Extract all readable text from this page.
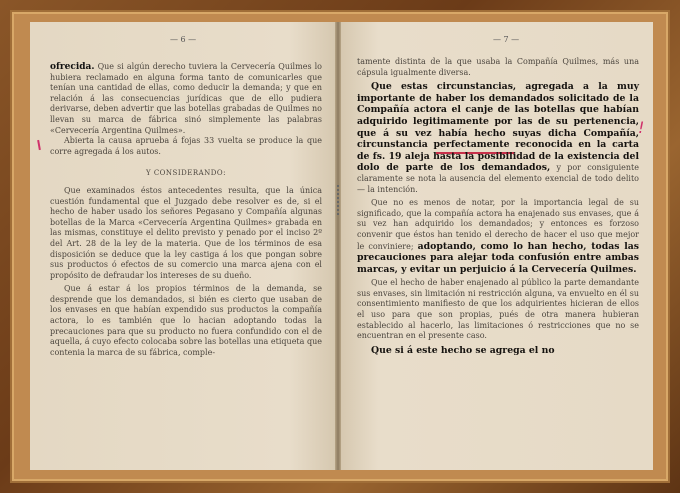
— 6 —

ofrecida. Que si algún derecho tuviera la Cervecería Quilmes lo hubiera reclamado en alguna forma tanto de comunicarles que tenían una cantidad de ellas, como deducir la demanda; y que en relación á las consecuencias jurídicas que de ello pudiera derivarse, deben advertir que las botellas grabadas de Quilmes no llevan su marca de fábrica sinó simplemente las palabras «Cervecería Argentina Quilmes».

Abierta la causa aprueba á fojas 33 vuelta se produce la que corre agregada á los autos.

Y CONSIDERANDO:

Que examinados éstos antecedentes resulta, que la única cuestión fundamental que el Juzgado debe resolver es de, si el hecho de haber usado los señores Pegasano y Compañía algunas botellas de la Marca «Cervecería Argentina Quilmes» grabada en las mismas, constituye el delito previsto y penado por el inciso 2º del Art. 28 de la ley de la materia. Que de los términos de esa disposición se deduce que la ley castiga á los que pongan sobre sus productos ó efectos de su comercio una marca ajena con el propósito de defraudar los intereses de su dueño.

Que á estar á los propios términos de la demanda, se desprende que los demandados, si bién es cierto que usaban de los envases en que habían expendido sus productos la compañía actora, lo es también que lo hacian adoptando todas la precauciones para que su producto no fuera confundido con el de aquella, á cuyo efecto colocaba sobre las botellas una etiqueta que contenia la marca de su fábrica, comple-

— 7 —
!

tamente distinta de la que usaba la Compañía Quilmes, más una cápsula igualmente diversa.

Que estas circunstancias, agregada a la muy importante de haber los demandados solicitado de la Compañía actora el canje de las botellas que habían adquirido legitimamente por las de su pertenencia, que á su vez había hecho suyas dicha Compañía, circunstancia perfectamente reconocida en la carta de fs. 19 aleja hasta la posibilidad de la existencia del dolo de parte de los demandados, y por consiguiente claramente se nota la ausencia del elemento exencial de todo delito — la intención.

Que no es menos de notar, por la importancia legal de su significado, que la compañía actora ha enajenado sus envases, que á su vez han adquirido los demandados; y entonces es forzoso convenir que éstos han tenido el derecho de hacer el uso que mejor le conviniere; adoptando, como lo han hecho, todas las precauciones para alejar toda confusión entre ambas marcas, y evitar un perjuicio á la Cervecería Quilmes.

Que el hecho de haber enajenado al público la parte demandante sus envases, sin limitación ni restricción alguna, va envuelto en él su consentimiento manifiesto de que los adquirientes hicieran de ellos el uso para que son propias, pués de otra manera hubieran establecido al hacerlo, las limitaciones ó restricciones que no se encuentran en el presente caso.

Que si á este hecho se agrega el no
